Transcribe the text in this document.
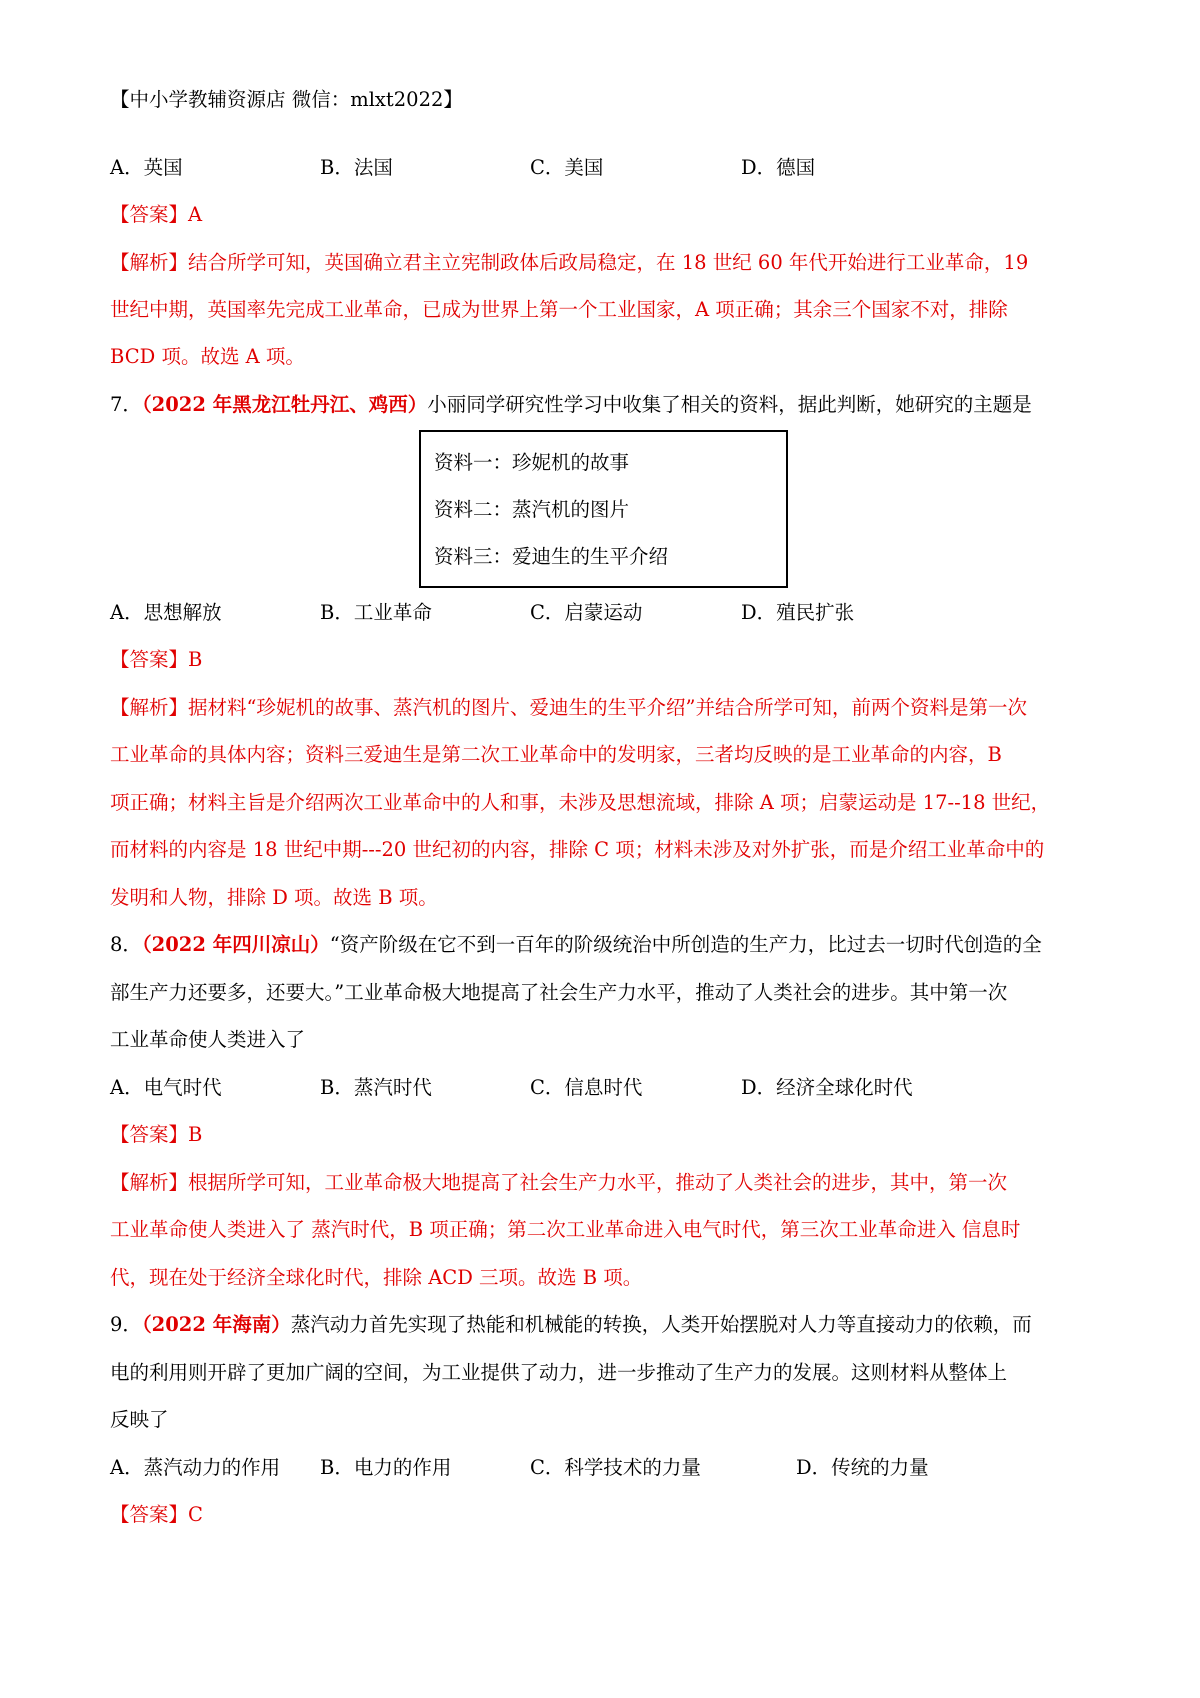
【中小学教辅资源店 微信：mlxt2022】
A．英国	B．法国	C．美国	D．德国
【答案】A
【解析】结合所学可知，英国确立君主立宪制政体后政局稳定，在 18 世纪 60 年代开始进行工业革命，19
世纪中期，英国率先完成工业革命，已成为世界上第一个工业国家，A 项正确；其余三个国家不对，排除
BCD 项。故选 A 项。
7．（2022 年黑龙江牡丹江、鸡西）小丽同学研究性学习中收集了相关的资料，据此判断，她研究的主题是
资料一：珍妮机的故事
资料二：蒸汽机的图片
资料三：爱迪生的生平介绍
A．思想解放	B．工业革命	C．启蒙运动	D．殖民扩张
【答案】B
【解析】据材料“珍妮机的故事、蒸汽机的图片、爱迪生的生平介绍”并结合所学可知，前两个资料是第一次
工业革命的具体内容；资料三爱迪生是第二次工业革命中的发明家，三者均反映的是工业革命的内容，B
项正确；材料主旨是介绍两次工业革命中的人和事，未涉及思想流域，排除 A 项；启蒙运动是 17--18 世纪，
而材料的内容是 18 世纪中期---20 世纪初的内容，排除 C 项；材料未涉及对外扩张，而是介绍工业革命中的
发明和人物，排除 D 项。故选 B 项。
8．（2022 年四川凉山）“资产阶级在它不到一百年的阶级统治中所创造的生产力，比过去一切时代创造的全
部生产力还要多，还要大。”工业革命极大地提高了社会生产力水平，推动了人类社会的进步。其中第一次
工业革命使人类进入了
A．电气时代	B．蒸汽时代	C．信息时代	D．经济全球化时代
【答案】B
【解析】根据所学可知，工业革命极大地提高了社会生产力水平，推动了人类社会的进步，其中，第一次
工业革命使人类进入了 蒸汽时代，B 项正确；第二次工业革命进入电气时代，第三次工业革命进入 信息时
代，现在处于经济全球化时代，排除 ACD 三项。故选 B 项。
9．（2022 年海南）蒸汽动力首先实现了热能和机械能的转换，人类开始摆脱对人力等直接动力的依赖，而
电的利用则开辟了更加广阔的空间，为工业提供了动力，进一步推动了生产力的发展。这则材料从整体上
反映了
A．蒸汽动力的作用 B．电力的作用	C．科学技术的力量	D．传统的力量
【答案】C
